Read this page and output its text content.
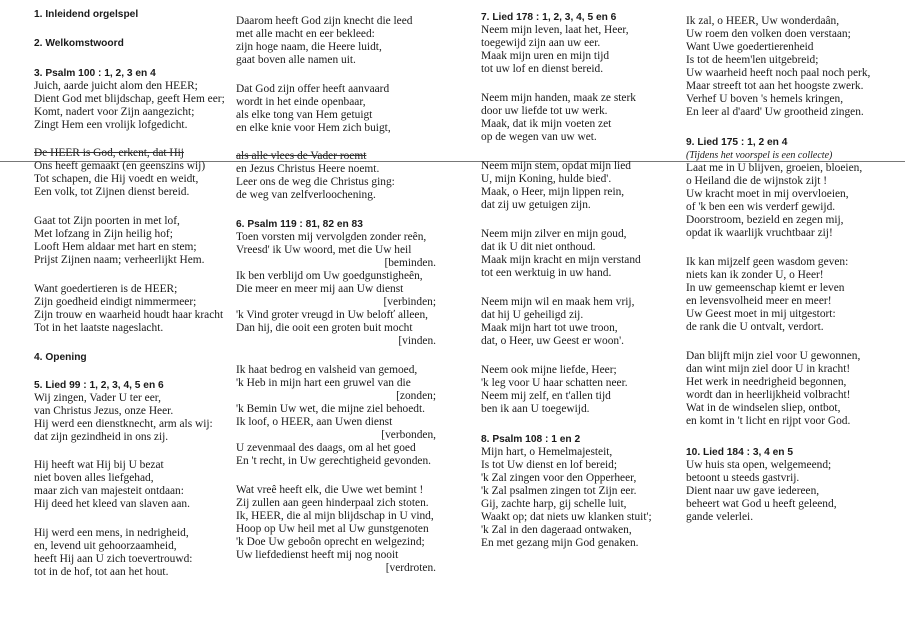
1. Inleidend orgelspel
2. Welkomstwoord
3. Psalm 100 : 1, 2, 3 en 4
Juich, aarde juicht alom den HEER;
Dient God met blijdschap, geeft Hem eer;
Komt, nadert voor Zijn aangezicht;
Zingt Hem een vrolijk lofgedicht.
De HEER is God, erkent, dat Hij
Ons heeft gemaakt (en geenszins wij)
Tot schapen, die Hij voedt en weidt,
Een volk, tot Zijnen dienst bereid.
Gaat tot Zijn poorten in met lof,
Met lofzang in Zijn heilig hof;
Looft Hem aldaar met hart en stem;
Prijst Zijnen naam; verheerlijkt Hem.
Want goedertieren is de HEER;
Zijn goedheid eindigt nimmermeer;
Zijn trouw en waarheid houdt haar kracht
Tot in het laatste nageslacht.
4. Opening
5. Lied 99 : 1, 2, 3, 4, 5 en 6
Wij zingen, Vader U ter eer,
van Christus Jezus, onze Heer.
Hij werd een dienstknecht, arm als wij:
dat zijn gezindheid in ons zij.
Hij heeft wat Hij bij U bezat
niet boven alles liefgehad,
maar zich van majesteit ontdaan:
Hij deed het kleed van slaven aan.
Hij werd een mens, in nedrigheid,
en, levend uit gehoorzaamheid,
heeft Hij aan U zich toevertrouwd:
tot in de hof, tot aan het hout.
Daarom heeft God zijn knecht die leed
met alle macht en eer bekleed:
zijn hoge naam, die Heere luidt,
gaat boven alle namen uit.
Dat God zijn offer heeft aanvaard
wordt in het einde openbaar,
als elke tong van Hem getuigt
en elke knie voor Hem zich buigt,
als alle vlees de Vader roemt
en Jezus Christus Heere noemt.
Leer ons de weg die Christus ging:
de weg van zelfverloochening.
6. Psalm 119 : 81, 82 en 83
Toen vorsten mij vervolgden zonder reên,
Vreesd' ik Uw woord, met die Uw heil
[beminden.
Ik ben verblijd om Uw goedgunstigheên,
Die meer en meer mij aan Uw dienst
[verbinden;
'k Vind groter vreugd in Uw belofť alleen,
Dan hij, die ooit een groten buit mocht
[vinden.
Ik haat bedrog en valsheid van gemoed,
'k Heb in mijn hart een gruwel van die
[zonden;
'k Bemin Uw wet, die mijne ziel behoedt.
Ik loof, o HEER, aan Uwen dienst
[verbonden,
U zevenmaal des daags, om al het goed
En 't recht, in Uw gerechtigheid gevonden.
Wat vreê heeft elk, die Uwe wet bemint !
Zij zullen aan geen hinderpaal zich stoten.
Ik, HEER, die al mijn blijdschap in U vind,
Hoop op Uw heil met al Uw gunstgenoten
'k Doe Uw geboôn oprecht en welgezind;
Uw liefdedienst heeft mij nog nooit
[verdroten.
7. Lied 178 : 1, 2, 3, 4, 5 en 6
Neem mijn leven, laat het, Heer,
toegewijd zijn aan uw eer.
Maak mijn uren en mijn tijd
tot uw lof en dienst bereid.
Neem mijn handen, maak ze sterk
door uw liefde tot uw werk.
Maak, dat ik mijn voeten zet
op de wegen van uw wet.
Neem mijn stem, opdat mijn lied
U, mijn Koning, hulde bied'.
Maak, o Heer, mijn lippen rein,
dat zij uw getuigen zijn.
Neem mijn zilver en mijn goud,
dat ik U dit niet onthoud.
Maak mijn kracht en mijn verstand
tot een werktuig in uw hand.
Neem mijn wil en maak hem vrij,
dat hij U geheiligd zij.
Maak mijn hart tot uwe troon,
dat, o Heer, uw Geest er woon'.
Neem ook mijne liefde, Heer;
'k leg voor U haar schatten neer.
Neem mij zelf, en t'allen tijd
ben ik aan U toegewijd.
8. Psalm 108 : 1 en 2
Mijn hart, o Hemelmajesteit,
Is tot Uw dienst en lof bereid;
'k Zal zingen voor den Opperheer,
'k Zal psalmen zingen tot Zijn eer.
Gij, zachte harp, gij schelle luit,
Waakt op; dat niets uw klanken stuit';
'k Zal in den dageraad ontwaken,
En met gezang mijn God genaken.
Ik zal, o HEER, Uw wonderdaân,
Uw roem den volken doen verstaan;
Want Uwe goedertierenheid
Is tot de heem'len uitgebreid;
Uw waarheid heeft noch paal noch perk,
Maar streeft tot aan het hoogste zwerk.
Verhef U boven 's hemels kringen,
En leer al d'aard' Uw grootheid zingen.
9. Lied 175 : 1, 2 en 4
(Tijdens het voorspel is een collecte)
Laat me in U blijven, groeien, bloeien,
o Heiland die de wijnstok zijt !
Uw kracht moet in mij overvloeien,
of 'k ben een wis verderf gewijd.
Doorstroom, bezield en zegen mij,
opdat ik waarlijk vruchtbaar zij!
Ik kan mijzelf geen wasdom geven:
niets kan ik zonder U, o Heer!
In uw gemeenschap kiemt er leven
en levensvolheid meer en meer!
Uw Geest moet in mij uitgestort:
de rank die U ontvalt, verdort.
Dan blijft mijn ziel voor U gewonnen,
dan wint mijn ziel door U in kracht!
Het werk in needrigheid begonnen,
wordt dan in heerlijkheid volbracht!
Wat in de windselen sliep, ontbot,
en komt in 't licht en rijpt voor God.
10. Lied 184 : 3, 4 en 5
Uw huis sta open, welgemeend;
betoont u steeds gastvrij.
Dient naar uw gave iedereen,
beheert wat God u heeft geleend,
gande velerlei.
